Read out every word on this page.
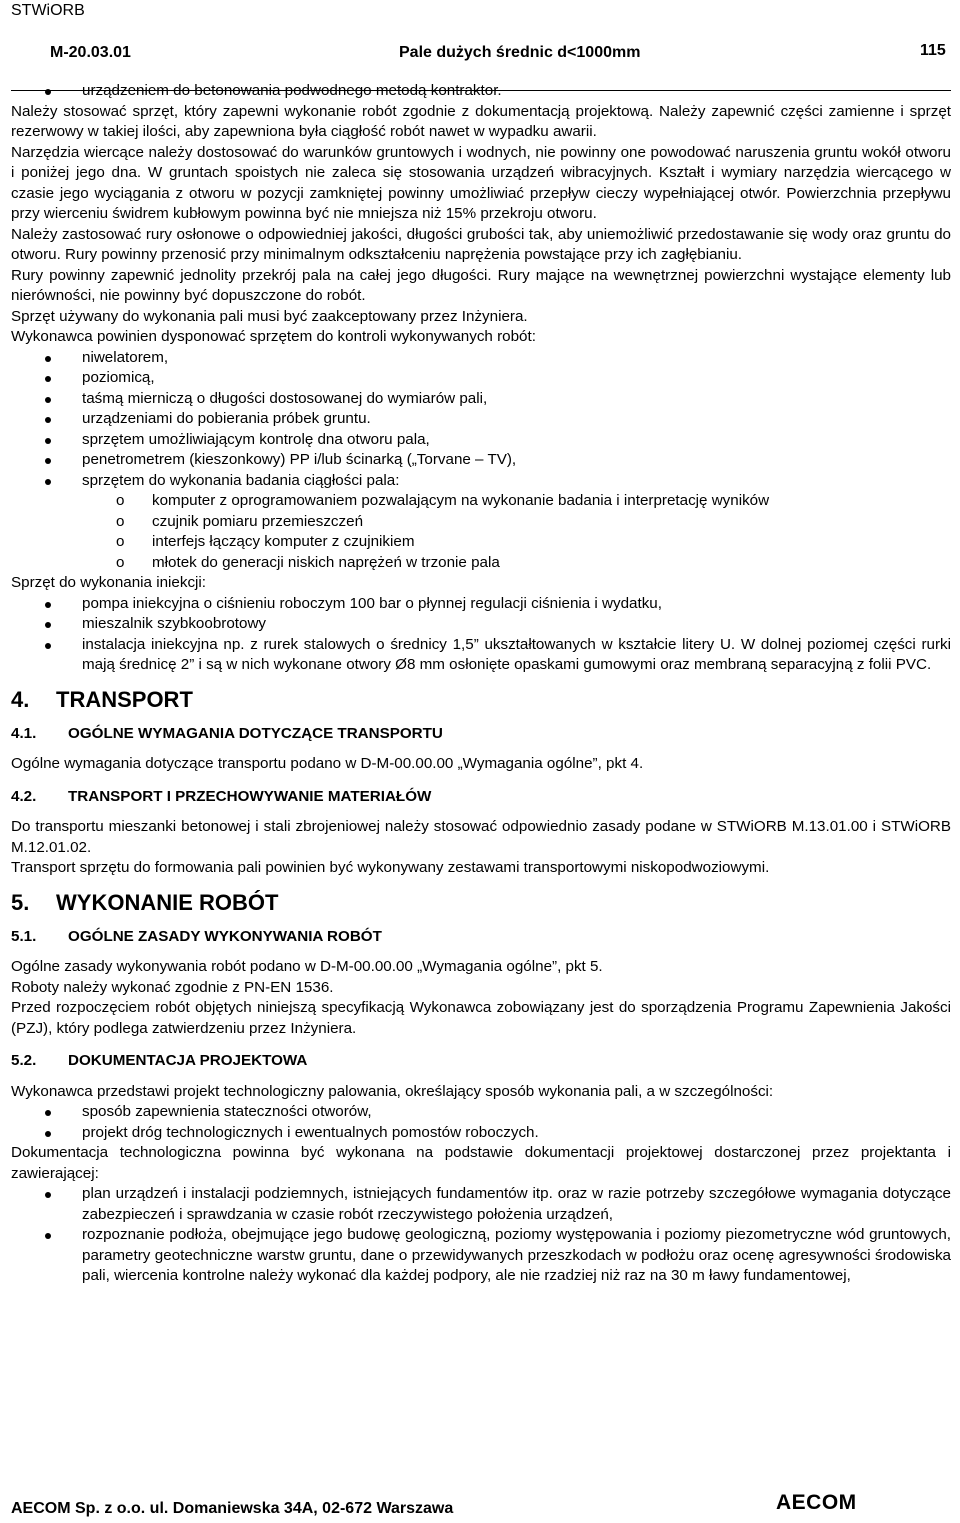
STWiORB
M-20.03.01	Pale dużych średnic d<1000mm	115
urządzeniem do betonowania podwodnego metodą kontraktor.

Należy stosować sprzęt, który zapewni wykonanie robót zgodnie z dokumentacją projektową. Należy zapewnić części zamienne i sprzęt rezerwowy w takiej ilości, aby zapewniona była ciągłość robót nawet w wypadku awarii.

Narzędzia wiercące należy dostosować do warunków gruntowych i wodnych, nie powinny one powodować naruszenia gruntu wokół otworu i poniżej jego dna. W gruntach spoistych nie zaleca się stosowania urządzeń wibracyjnych. Kształt i wymiary narzędzia wiercącego w czasie jego wyciągania z otworu w pozycji zamkniętej powinny umożliwiać przepływ cieczy wypełniającej otwór. Powierzchnia przepływu przy wierceniu świdrem kubłowym powinna być nie mniejsza niż 15% przekroju otworu.

Należy zastosować rury osłonowe o odpowiedniej jakości, długości grubości tak, aby uniemożliwić przedostawanie się wody oraz gruntu do otworu. Rury powinny przenosić przy minimalnym odkształceniu naprężenia powstające przy ich zagłębianiu.

Rury powinny zapewnić jednolity przekrój pala na całej jego długości. Rury mające na wewnętrznej powierzchni wystające elementy lub nierówności, nie powinny być dopuszczone do robót.

Sprzęt używany do wykonania pali musi być zaakceptowany przez Inżyniera.

Wykonawca powinien dysponować sprzętem do kontroli wykonywanych robót:

niwelatorem,
poziomicą,
taśmą mierniczą o długości dostosowanej do wymiarów pali,
urządzeniami do pobierania próbek gruntu.
sprzętem umożliwiającym kontrolę dna otworu pala,
penetrometrem (kieszonkowy) PP i/lub ścinarką („Torvane – TV),
sprzętem do wykonania badania ciągłości pala:
o komputer z oprogramowaniem pozwalającym na wykonanie badania i interpretację wyników
o czujnik pomiaru przemieszczeń
o interfejs łączący komputer z czujnikiem
o młotek do generacji niskich naprężeń w trzonie pala

Sprzęt do wykonania iniekcji:

pompa iniekcyjna o ciśnieniu roboczym 100 bar o płynnej regulacji ciśnienia i wydatku,
mieszalnik szybkoobrotowy
instalacja iniekcyjna np. z rurek stalowych o średnicy 1,5” ukształtowanych w kształcie litery U. W dolnej poziomej części rurki mają średnicę 2” i są w nich wykonane otwory Ø8 mm osłonięte opaskami gumowymi oraz membraną separacyjną z folii PVC.
4. TRANSPORT
4.1. OGÓLNE WYMAGANIA DOTYCZĄCE TRANSPORTU

Ogólne wymagania dotyczące transportu podano w D-M-00.00.00 „Wymagania ogólne”, pkt 4.

4.2. TRANSPORT I PRZECHOWYWANIE MATERIAŁÓW

Do transportu mieszanki betonowej i stali zbrojeniowej należy stosować odpowiednio zasady podane w STWiORB M.13.01.00 i STWiORB M.12.01.02.

Transport sprzętu do formowania pali powinien być wykonywany zestawami transportowymi niskopodwoziowymi.

5. WYKONANIE ROBÓT
5.1. OGÓLNE ZASADY WYKONYWANIA ROBÓT

Ogólne zasady wykonywania robót podano w D-M-00.00.00 „Wymagania ogólne”, pkt 5.

Roboty należy wykonać zgodnie z PN-EN 1536.

Przed rozpoczęciem robót objętych niniejszą specyfikacją Wykonawca zobowiązany jest do sporządzenia Programu Zapewnienia Jakości (PZJ), który podlega zatwierdzeniu przez Inżyniera.

5.2. DOKUMENTACJA PROJEKTOWA

Wykonawca przedstawi projekt technologiczny palowania, określający sposób wykonania pali, a w szczególności:

sposób zapewnienia stateczności otworów,
projekt dróg technologicznych i ewentualnych pomostów roboczych.

Dokumentacja technologiczna powinna być wykonana na podstawie dokumentacji projektowej dostarczonej przez projektanta i zawierającej:

plan urządzeń i instalacji podziemnych, istniejących fundamentów itp. oraz w razie potrzeby szczegółowe wymagania dotyczące zabezpieczeń i sprawdzania w czasie robót rzeczywistego położenia urządzeń,
rozpoznanie podłoża, obejmujące jego budowę geologiczną, poziomy występowania i poziomy piezometryczne wód gruntowych, parametry geotechniczne warstw gruntu, dane o przewidywanych przeszkodach w podłożu oraz ocenę agresywności środowiska pali, wiercenia kontrolne należy wykonać dla każdej podpory, ale nie rzadziej niż raz na 30 m ławy fundamentowej,
AECOM Sp. z o.o. ul. Domaniewska 34A, 02-672 Warszawa	AECOM
